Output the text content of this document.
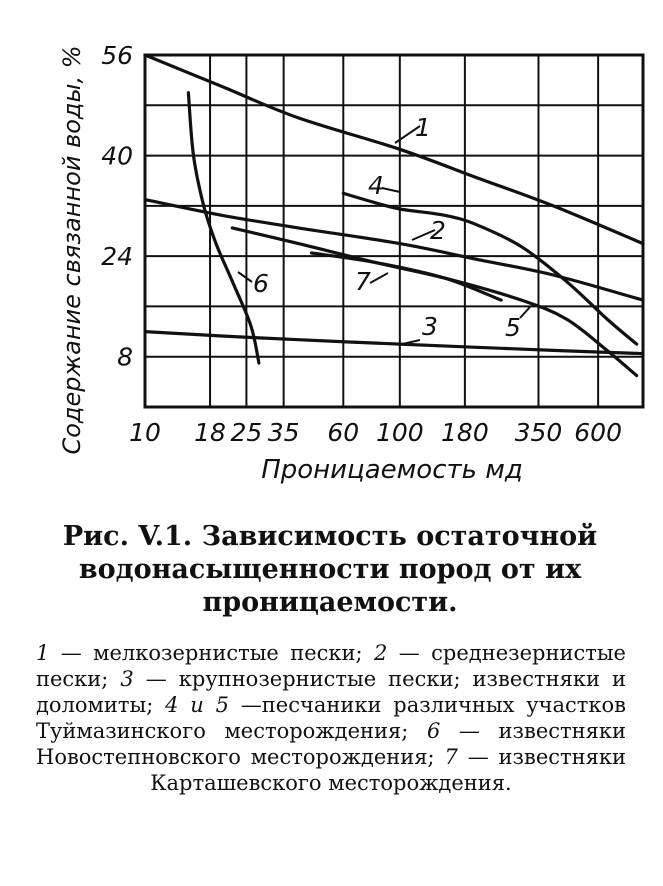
10 18 25 35 60 100 180 350 600
8
24
40
56
1
2
3
4
5
6	7
Проницаемость мд
Содержание связанной воды, %
Рис. V.1. Зависимость остаточной водонасыщенности пород от их проницаемости.
1 — мелкозернистые пески; 2 — среднезернистые пески; 3 — крупнозернистые пески; известняки и доломиты; 4 и 5 —песчаники различных участков Туймазинского месторождения; 6 — известняки Новостепновского месторождения; 7 — известняки Карташевского месторождения.
